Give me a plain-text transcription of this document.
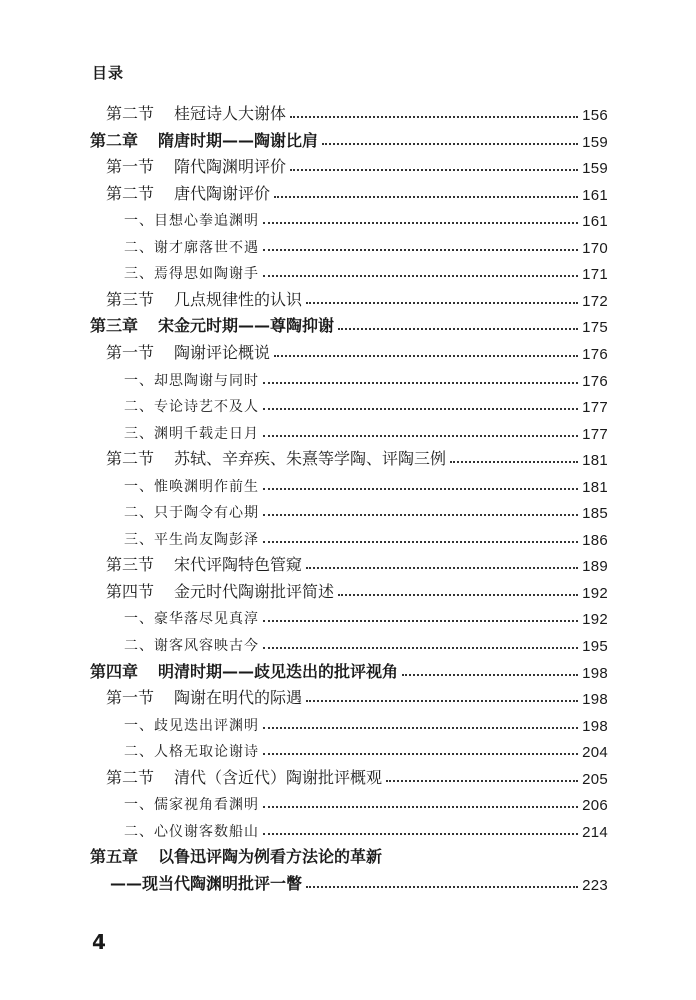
目录
第二节 桂冠诗人大谢体	156
第二章 隋唐时期——陶谢比肩	159
第一节 隋代陶渊明评价	159
第二节 唐代陶谢评价	161
一、目想心拳追渊明	161
二、谢才廓落世不遇	170
三、焉得思如陶谢手	171
第三节 几点规律性的认识	172
第三章 宋金元时期——尊陶抑谢	175
第一节 陶谢评论概说	176
一、却思陶谢与同时	176
二、专论诗艺不及人	177
三、渊明千载走日月	177
第二节 苏轼、辛弃疾、朱熹等学陶、评陶三例	181
一、惟唤渊明作前生	181
二、只于陶令有心期	185
三、平生尚友陶彭泽	186
第三节 宋代评陶特色管窥	189
第四节 金元时代陶谢批评简述	192
一、豪华落尽见真淳	192
二、谢客风容映古今	195
第四章 明清时期——歧见迭出的批评视角	198
第一节 陶谢在明代的际遇	198
一、歧见迭出评渊明	198
二、人格无取论谢诗	204
第二节 清代（含近代）陶谢批评概观	205
一、儒家视角看渊明	206
二、心仪谢客数船山	214
第五章 以鲁迅评陶为例看方法论的革新
——现当代陶渊明批评一瞥	223
4
